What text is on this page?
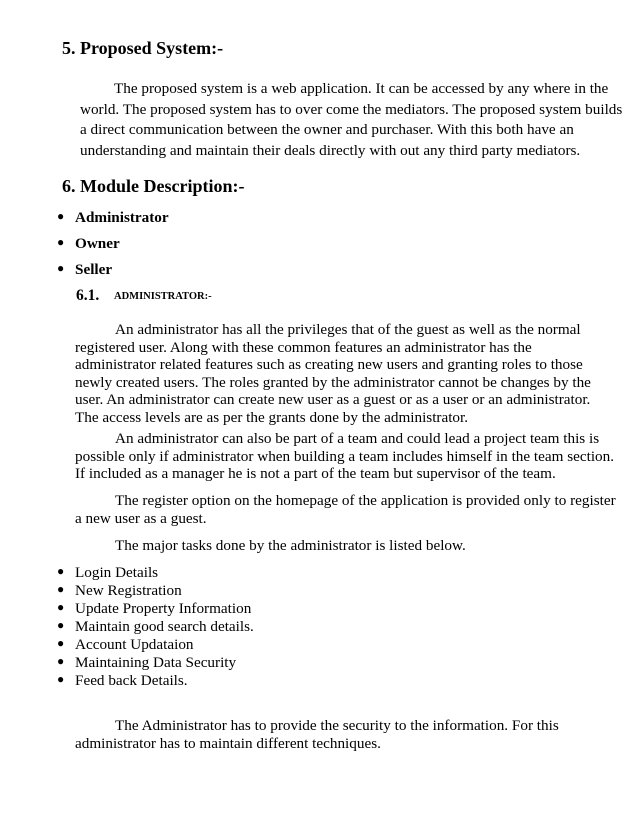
5. Proposed System:-
The proposed system is a web application. It can be accessed by any where in the
world. The proposed system has to over come the mediators. The proposed system builds
a direct communication between the owner and purchaser. With this both have an
understanding and maintain their deals directly with out any third party mediators.
6. Module Description:-
● Administrator
● Owner
● Seller
6.1. ADMINISTRATOR:-
An administrator has all the privileges that of the guest as well as the normal
registered user. Along with these common features an administrator has the
administrator related features such as creating new users and granting roles to those
newly created users. The roles granted by the administrator cannot be changes by the
user. An administrator can create new user as a guest or as a user or an administrator.
The access levels are as per the grants done by the administrator.
An administrator can also be part of a team and could lead a project team this is
possible only if administrator when building a team includes himself in the team section.
If included as a manager he is not a part of the team but supervisor of the team.
The register option on the homepage of the application is provided only to register
a new user as a guest.
The major tasks done by the administrator is listed below.
● Login Details
● New Registration
● Update Property Information
● Maintain good search details.
● Account Updataion
● Maintaining Data Security
● Feed back Details.
The Administrator has to provide the security to the information. For this
administrator has to maintain different techniques.
